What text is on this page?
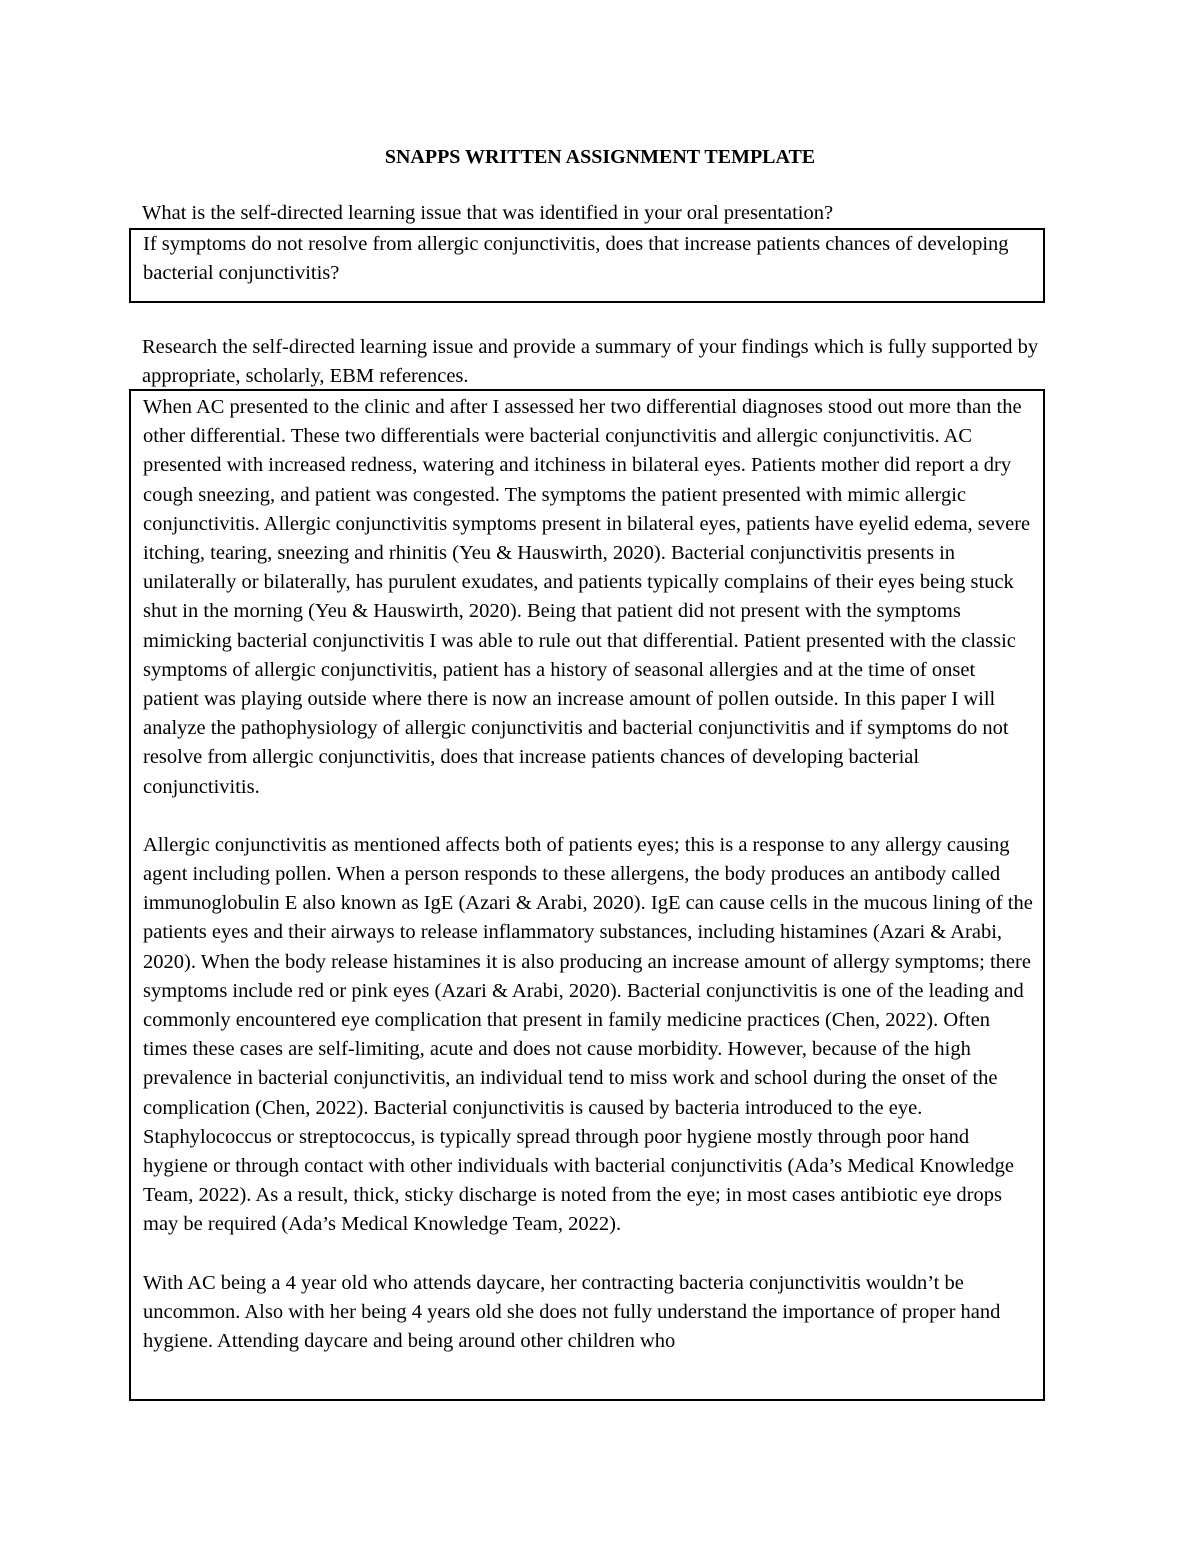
SNAPPS WRITTEN ASSIGNMENT TEMPLATE

What is the self-directed learning issue that was identified in your oral presentation?

If symptoms do not resolve from allergic conjunctivitis, does that increase patients chances of developing bacterial conjunctivitis?

Research the self-directed learning issue and provide a summary of your findings which is fully supported by appropriate, scholarly, EBM references.

When AC presented to the clinic and after I assessed her two differential diagnoses stood out more than the other differential. These two differentials were bacterial conjunctivitis and allergic conjunctivitis. AC presented with increased redness, watering and itchiness in bilateral eyes. Patients mother did report a dry cough sneezing, and patient was congested. The symptoms the patient presented with mimic allergic conjunctivitis. Allergic conjunctivitis symptoms present in bilateral eyes, patients have eyelid edema, severe itching, tearing, sneezing and rhinitis (Yeu & Hauswirth, 2020). Bacterial conjunctivitis presents in unilaterally or bilaterally, has purulent exudates, and patients typically complains of their eyes being stuck shut in the morning (Yeu & Hauswirth, 2020). Being that patient did not present with the symptoms mimicking bacterial conjunctivitis I was able to rule out that differential. Patient presented with the classic symptoms of allergic conjunctivitis, patient has a history of seasonal allergies and at the time of onset patient was playing outside where there is now an increase amount of pollen outside. In this paper I will analyze the pathophysiology of allergic conjunctivitis and bacterial conjunctivitis and if symptoms do not resolve from allergic conjunctivitis, does that increase patients chances of developing bacterial conjunctivitis.

Allergic conjunctivitis as mentioned affects both of patients eyes; this is a response to any allergy causing agent including pollen. When a person responds to these allergens, the body produces an antibody called immunoglobulin E also known as IgE (Azari & Arabi, 2020). IgE can cause cells in the mucous lining of the patients eyes and their airways to release inflammatory substances, including histamines (Azari & Arabi, 2020). When the body release histamines it is also producing an increase amount of allergy symptoms; there symptoms include red or pink eyes (Azari & Arabi, 2020). Bacterial conjunctivitis is one of the leading and commonly encountered eye complication that present in family medicine practices (Chen, 2022). Often times these cases are self-limiting, acute and does not cause morbidity. However, because of the high prevalence in bacterial conjunctivitis, an individual tend to miss work and school during the onset of the complication (Chen, 2022). Bacterial conjunctivitis is caused by bacteria introduced to the eye. Staphylococcus or streptococcus, is typically spread through poor hygiene mostly through poor hand hygiene or through contact with other individuals with bacterial conjunctivitis (Ada’s Medical Knowledge Team, 2022). As a result, thick, sticky discharge is noted from the eye; in most cases antibiotic eye drops may be required (Ada’s Medical Knowledge Team, 2022).

With AC being a 4 year old who attends daycare, her contracting bacteria conjunctivitis wouldn’t be uncommon. Also with her being 4 years old she does not fully understand the importance of proper hand hygiene. Attending daycare and being around other children who
